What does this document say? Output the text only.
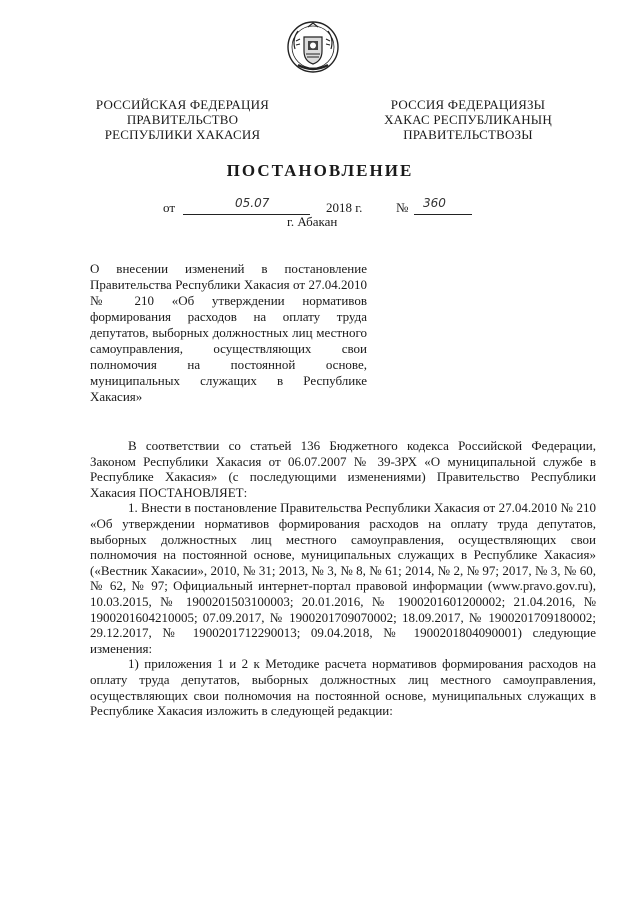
РОССИЙСКАЯ ФЕДЕРАЦИЯ
ПРАВИТЕЛЬСТВО
РЕСПУБЛИКИ ХАКАСИЯ
РОССИЯ ФЕДЕРАЦИЯЗЫ
ХАКАС РЕСПУБЛИКАНЫҢ
ПРАВИТЕЛЬСТВОЗЫ
ПОСТАНОВЛЕНИЕ
от	05.07	2018 г.	№ 360
г. Абакан
О внесении изменений в постановление Правительства Республики Хакасия от 27.04.2010 № 210 «Об утверждении нормативов формирования расходов на оплату труда депутатов, выборных должностных лиц местного самоуправления, осуществляющих свои полномочия на постоянной основе, муниципальных служащих в Республике Хакасия»

В соответствии со статьей 136 Бюджетного кодекса Российской Федерации, Законом Республики Хакасия от 06.07.2007 № 39-ЗРХ «О муниципальной службе в Республике Хакасия» (с последующими изменениями) Правительство Республики Хакасия ПОСТАНОВЛЯЕТ:

1. Внести в постановление Правительства Республики Хакасия от 27.04.2010 № 210 «Об утверждении нормативов формирования расходов на оплату труда депутатов, выборных должностных лиц местного самоуправления, осуществляющих свои полномочия на постоянной основе, муниципальных служащих в Республике Хакасия» («Вестник Хакасии», 2010, № 31; 2013, № 3, № 8, № 61; 2014, № 2, № 97; 2017, № 3, № 60, № 62, № 97; Официальный интернет-портал правовой информации (www.pravo.gov.ru), 10.03.2015, № 1900201503100003; 20.01.2016, № 1900201601200002; 21.04.2016, № 1900201604210005; 07.09.2017, № 1900201709070002; 18.09.2017, № 1900201709180002; 29.12.2017, № 1900201712290013; 09.04.2018, № 1900201804090001) следующие изменения:

1) приложения 1 и 2 к Методике расчета нормативов формирования расходов на оплату труда депутатов, выборных должностных лиц местного самоуправления, осуществляющих свои полномочия на постоянной основе, муниципальных служащих в Республике Хакасия изложить в следующей редакции:
